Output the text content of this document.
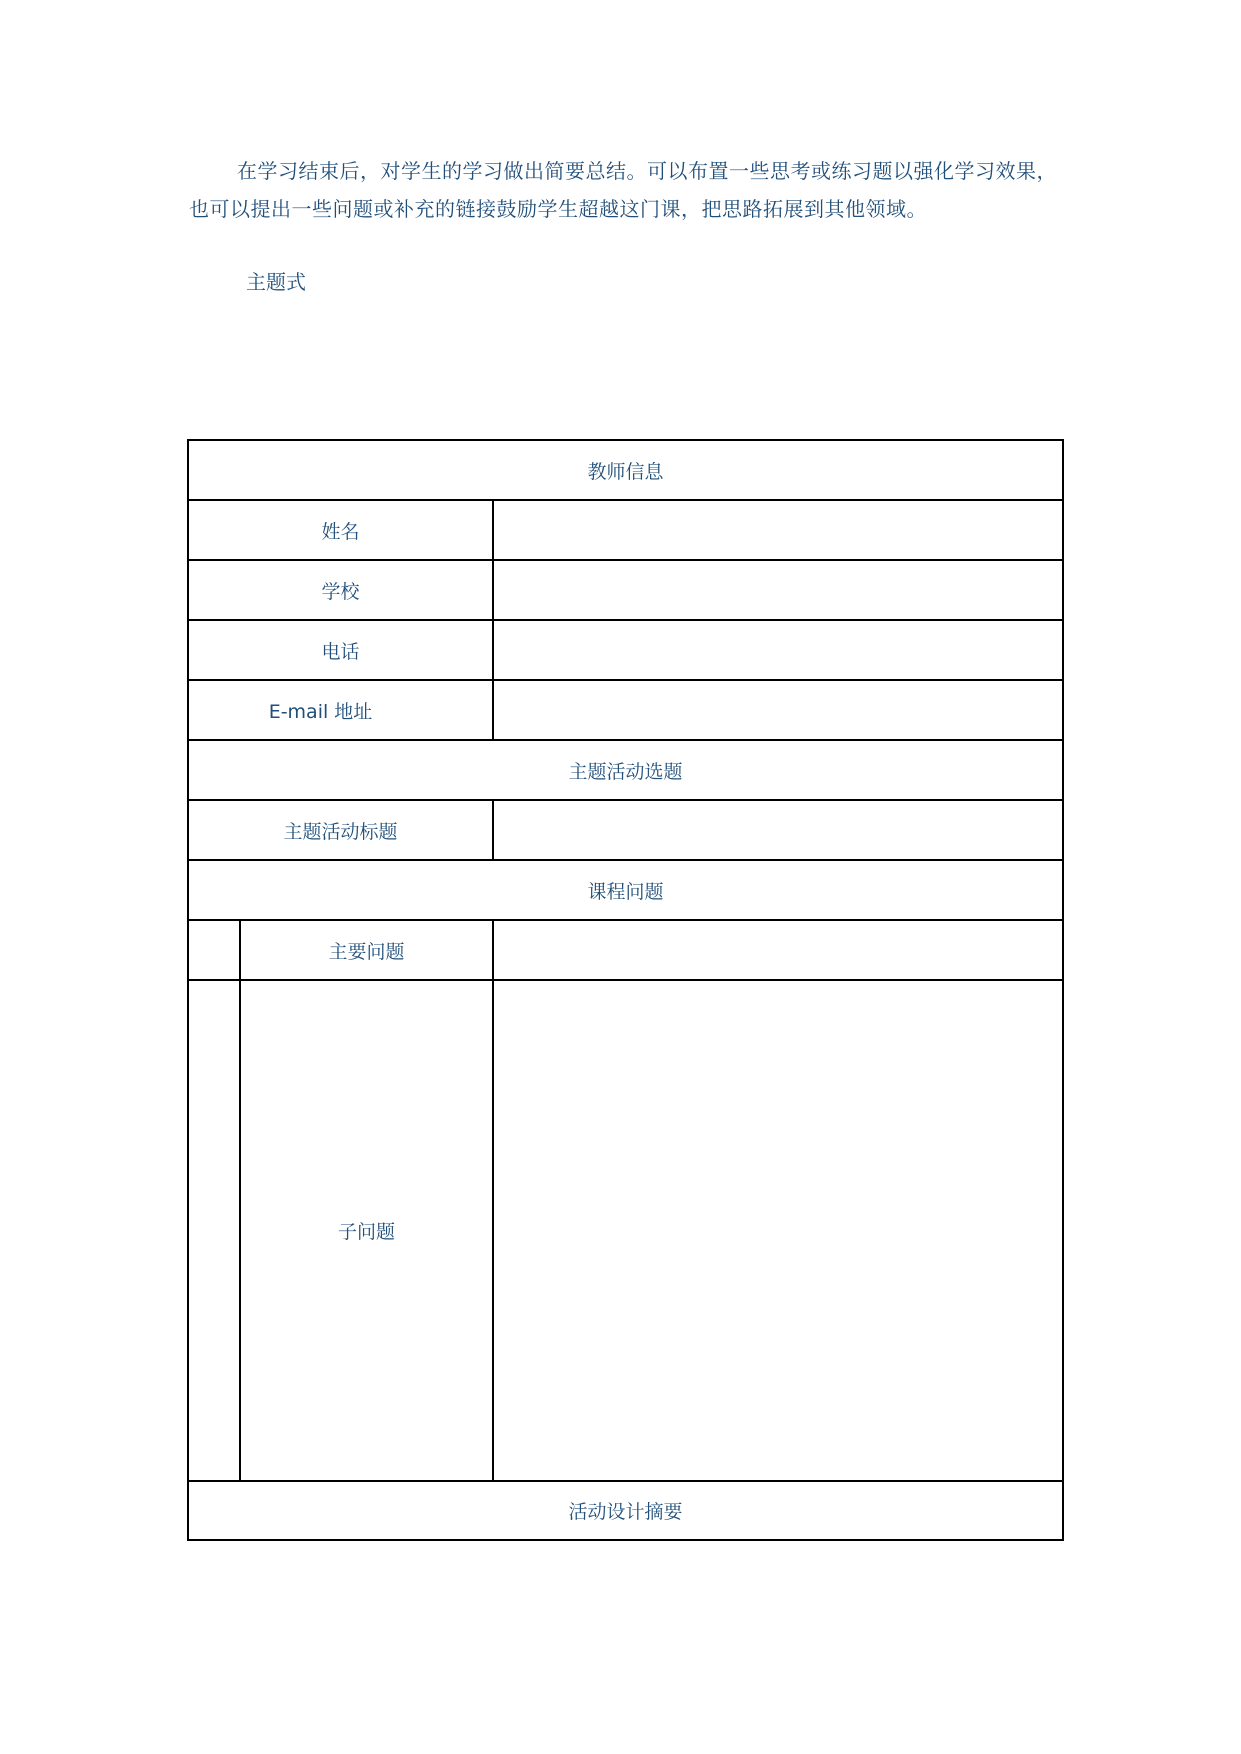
在学习结束后，对学生的学习做出简要总结。可以布置一些思考或练习题以强化学习效果，也可以提出一些问题或补充的链接鼓励学生超越这门课，把思路拓展到其他领域。

主题式

教师信息		
姓名		
学校		
电话		
E-mail 地址		
主题活动选题		
主题活动标题		
课程问题		
	主要问题	
	子问题	
活动设计摘要		
